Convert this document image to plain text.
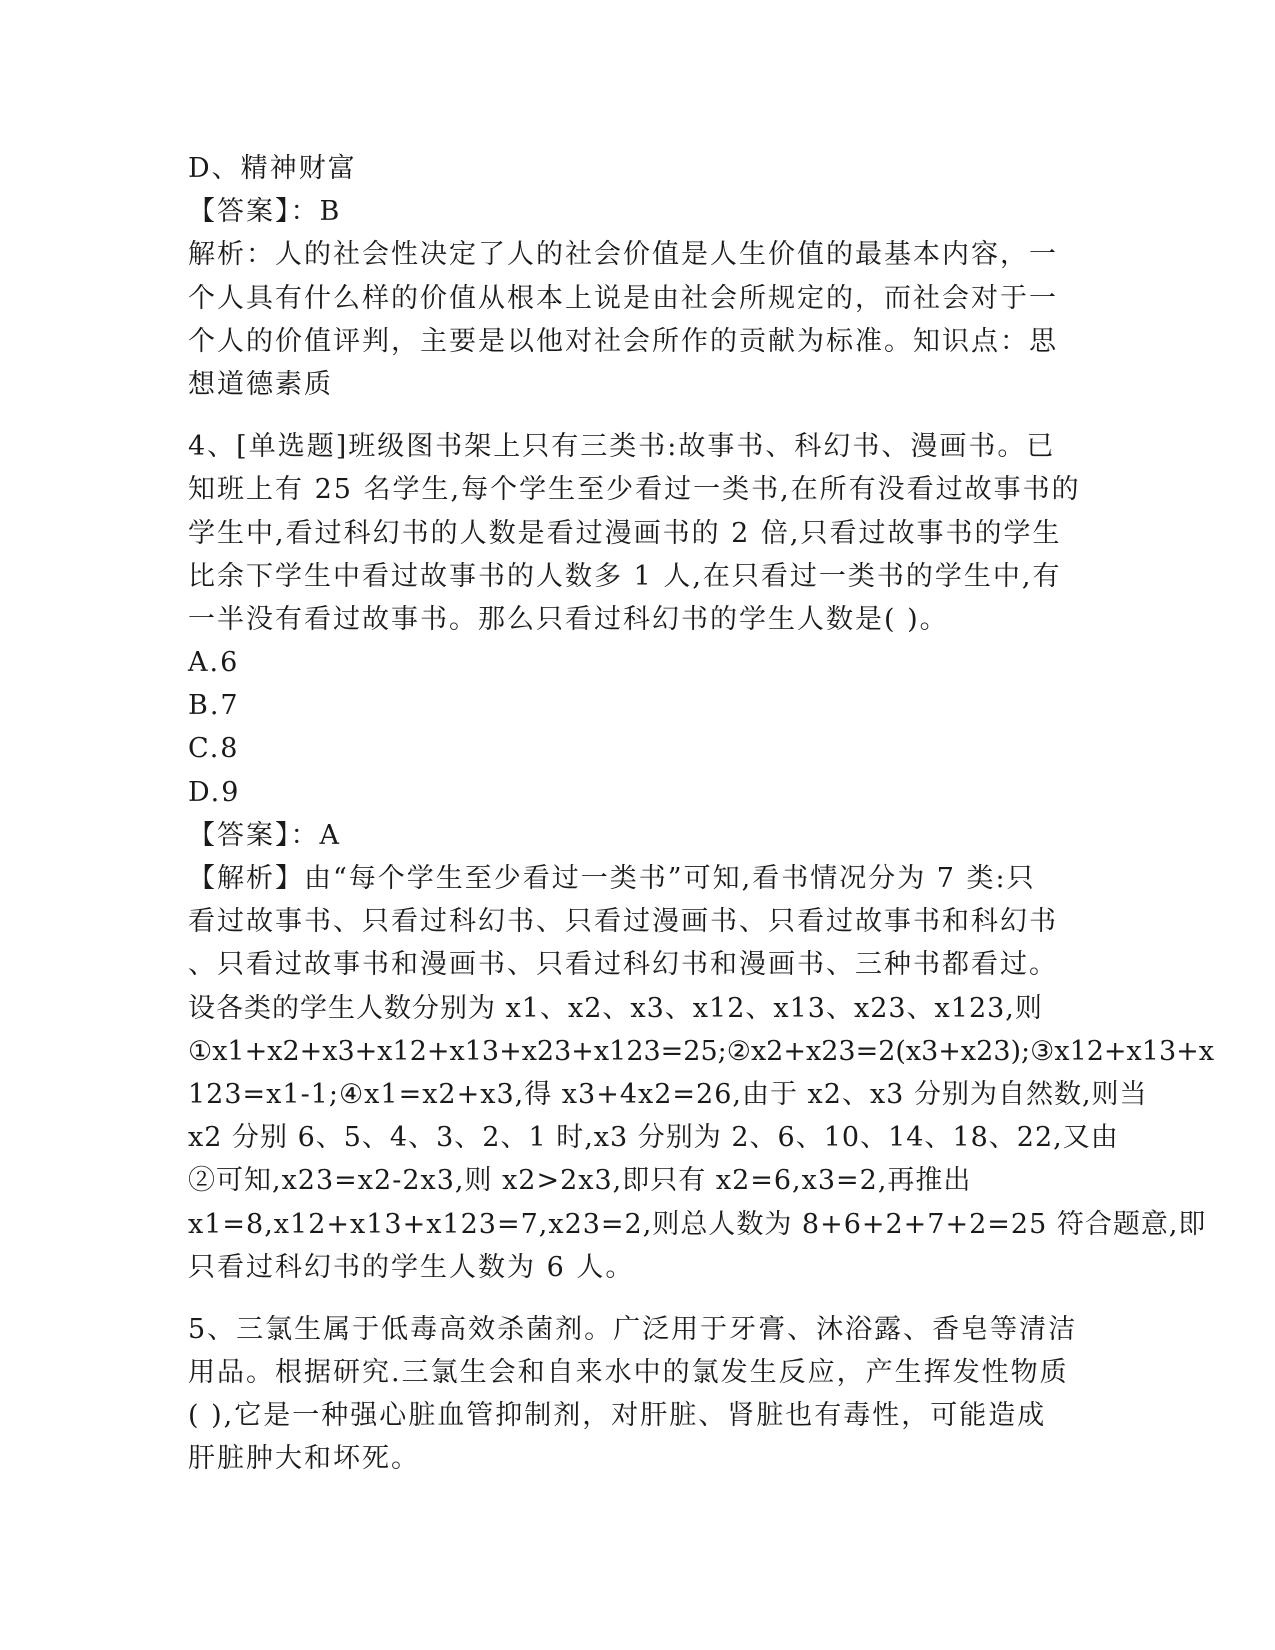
D、精神财富
【答案】：B
解析：人的社会性决定了人的社会价值是人生价值的最基本内容，一
个人具有什么样的价值从根本上说是由社会所规定的，而社会对于一
个人的价值评判，主要是以他对社会所作的贡献为标准。知识点：思
想道德素质
4、[单选题]班级图书架上只有三类书:故事书、科幻书、漫画书。已
知班上有 25 名学生,每个学生至少看过一类书,在所有没看过故事书的
学生中,看过科幻书的人数是看过漫画书的 2 倍,只看过故事书的学生
比余下学生中看过故事书的人数多 1 人,在只看过一类书的学生中,有
一半没有看过故事书。那么只看过科幻书的学生人数是( )。
A.6
B.7
C.8
D.9
【答案】：A
【解析】由“每个学生至少看过一类书”可知,看书情况分为 7 类:只
看过故事书、只看过科幻书、只看过漫画书、只看过故事书和科幻书
、只看过故事书和漫画书、只看过科幻书和漫画书、三种书都看过。
设各类的学生人数分别为 x1、x2、x3、x12、x13、x23、x123,则
①x1+x2+x3+x12+x13+x23+x123=25;②x2+x23=2(x3+x23);③x12+x13+x
123=x1-1;④x1=x2+x3,得 x3+4x2=26,由于 x2、x3 分别为自然数,则当
x2 分别 6、5、4、3、2、1 时,x3 分别为 2、6、10、14、18、22,又由
②可知,x23=x2-2x3,则 x2>2x3,即只有 x2=6,x3=2,再推出
x1=8,x12+x13+x123=7,x23=2,则总人数为 8+6+2+7+2=25 符合题意,即
只看过科幻书的学生人数为 6 人。
5、三氯生属于低毒高效杀菌剂。广泛用于牙膏、沐浴露、香皂等清洁
用品。根据研究.三氯生会和自来水中的氯发生反应，产生挥发性物质
( ),它是一种强心脏血管抑制剂，对肝脏、肾脏也有毒性，可能造成
肝脏肿大和坏死。
